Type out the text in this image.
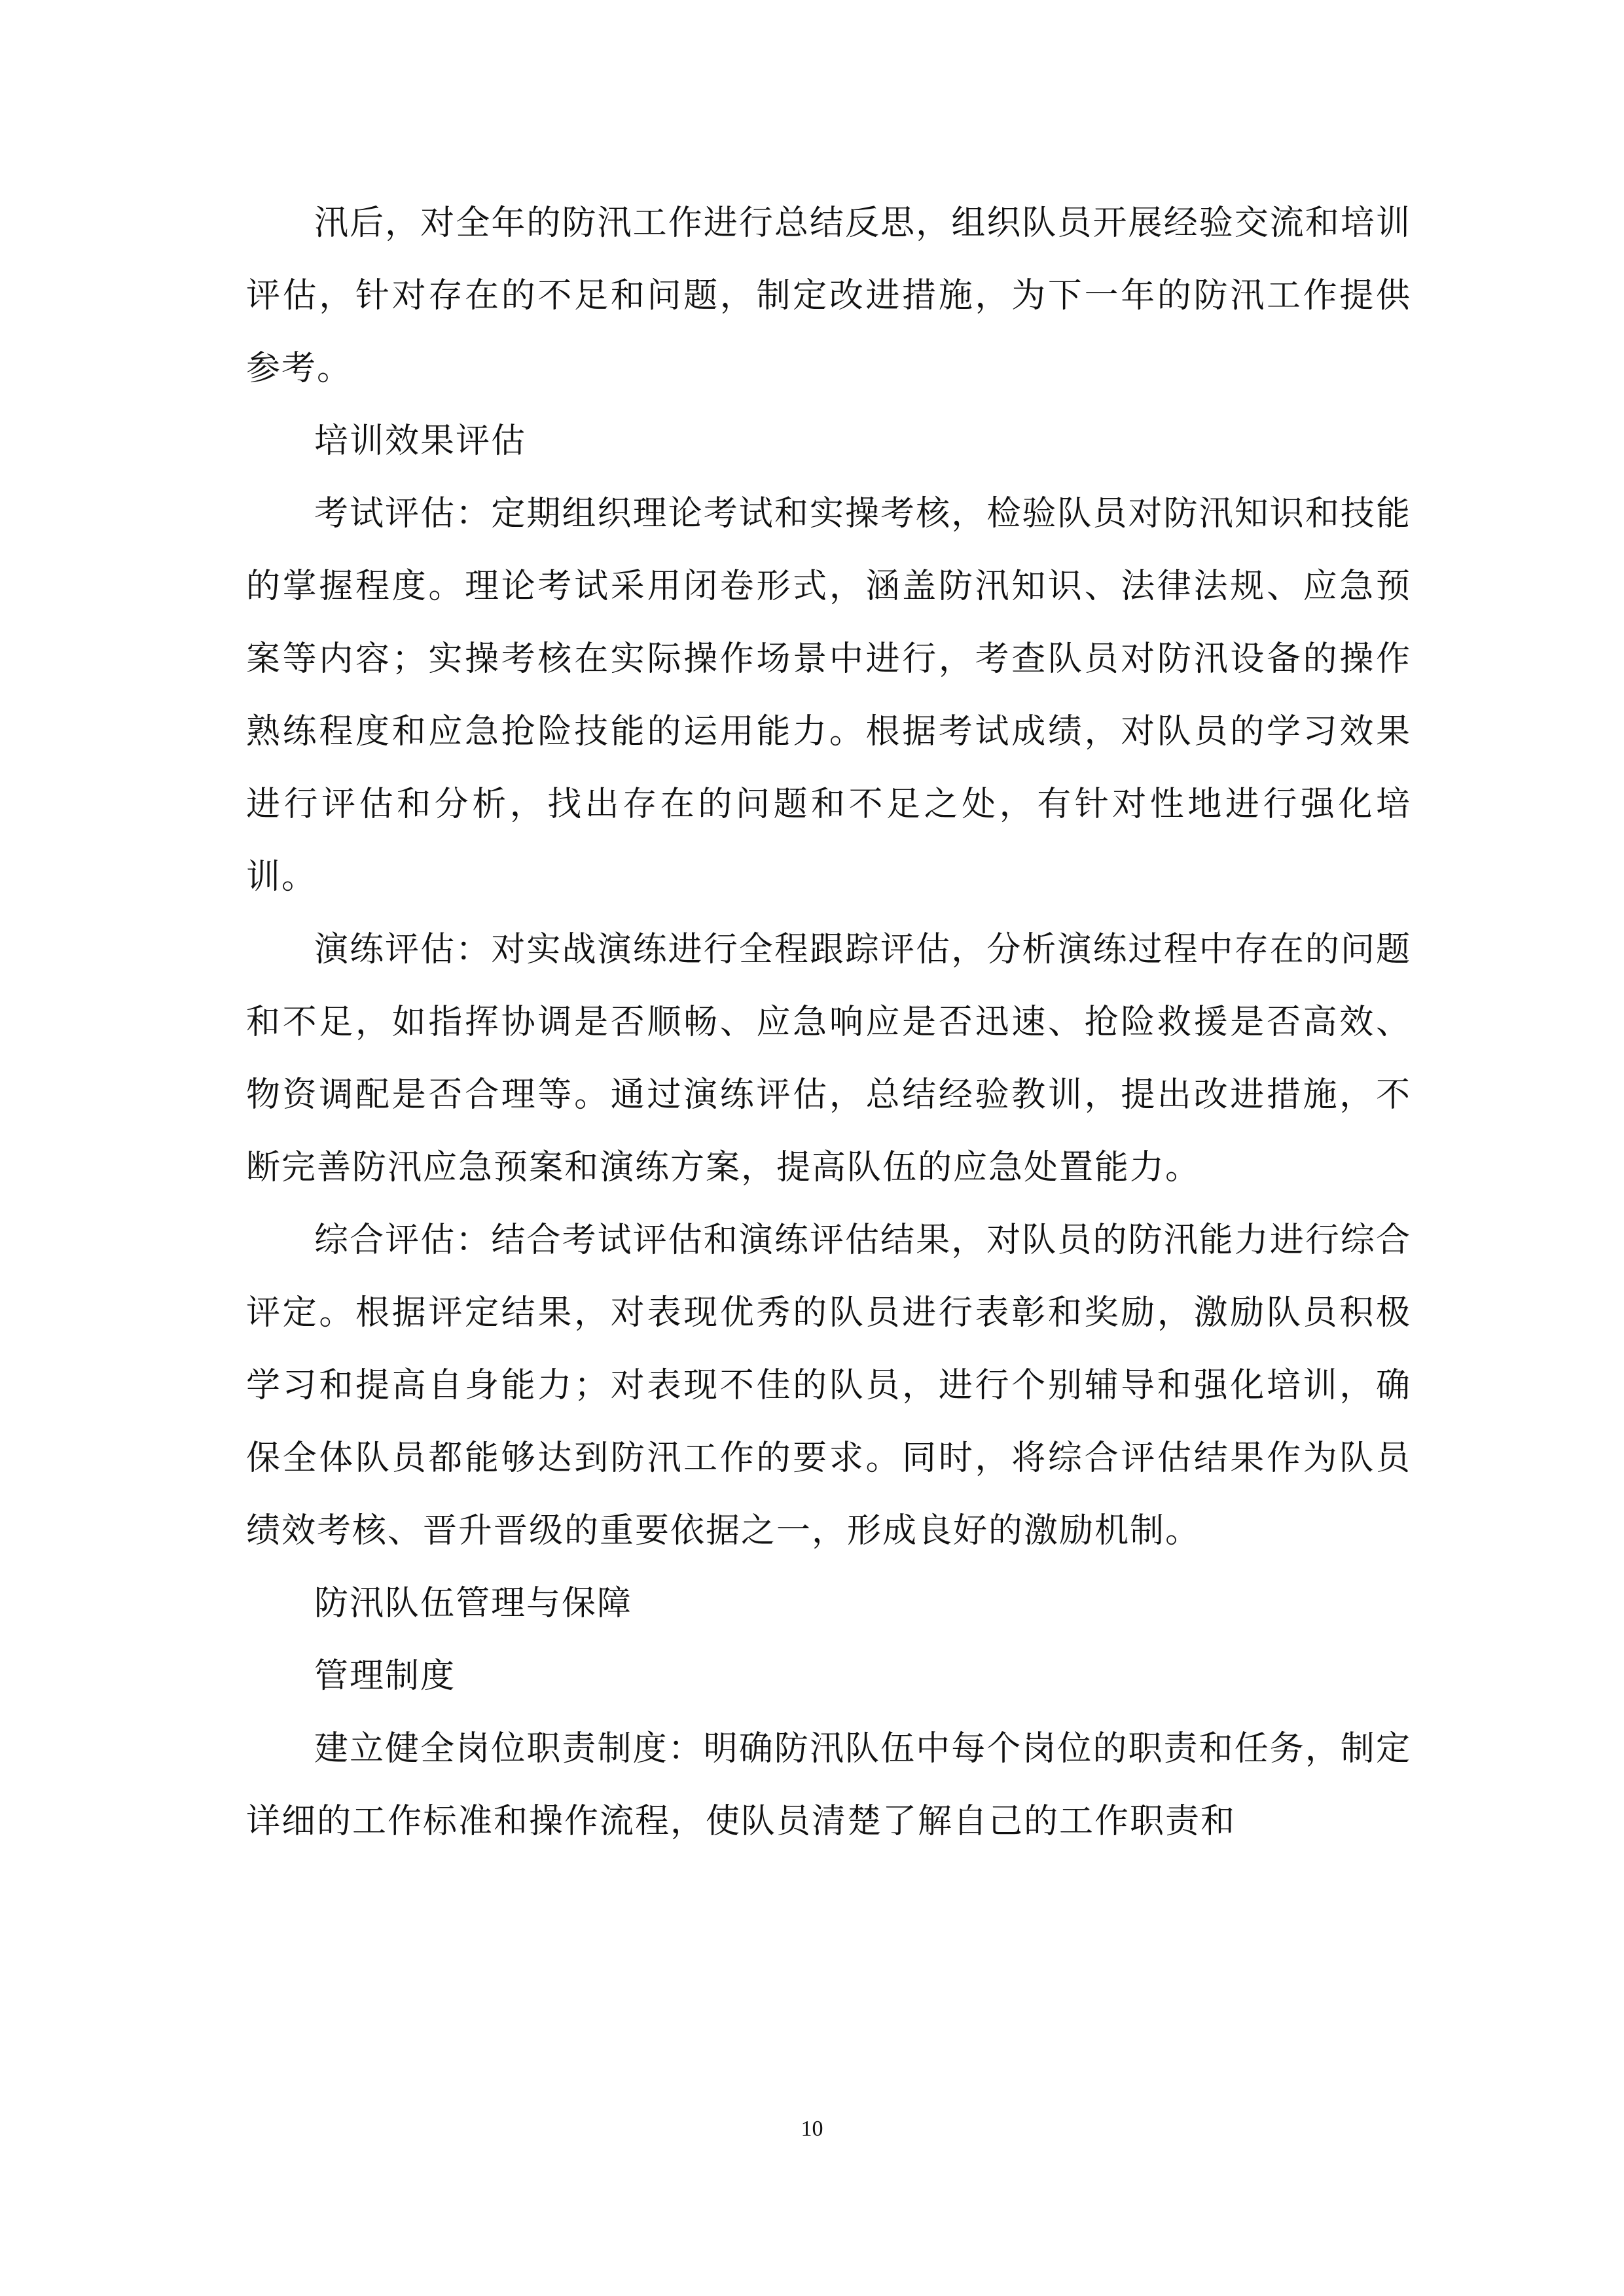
汛后，对全年的防汛工作进行总结反思，组织队员开展经验交流和培训评估，针对存在的不足和问题，制定改进措施，为下一年的防汛工作提供参考。

培训效果评估

考试评估：定期组织理论考试和实操考核，检验队员对防汛知识和技能的掌握程度。理论考试采用闭卷形式，涵盖防汛知识、法律法规、应急预案等内容；实操考核在实际操作场景中进行，考查队员对防汛设备的操作熟练程度和应急抢险技能的运用能力。根据考试成绩，对队员的学习效果进行评估和分析，找出存在的问题和不足之处，有针对性地进行强化培训。

演练评估：对实战演练进行全程跟踪评估，分析演练过程中存在的问题和不足，如指挥协调是否顺畅、应急响应是否迅速、抢险救援是否高效、物资调配是否合理等。通过演练评估，总结经验教训，提出改进措施，不断完善防汛应急预案和演练方案，提高队伍的应急处置能力。

综合评估：结合考试评估和演练评估结果，对队员的防汛能力进行综合评定。根据评定结果，对表现优秀的队员进行表彰和奖励，激励队员积极学习和提高自身能力；对表现不佳的队员，进行个别辅导和强化培训，确保全体队员都能够达到防汛工作的要求。同时，将综合评估结果作为队员绩效考核、晋升晋级的重要依据之一，形成良好的激励机制。

防汛队伍管理与保障

管理制度

建立健全岗位职责制度：明确防汛队伍中每个岗位的职责和任务，制定详细的工作标准和操作流程，使队员清楚了解自己的工作职责和

10
